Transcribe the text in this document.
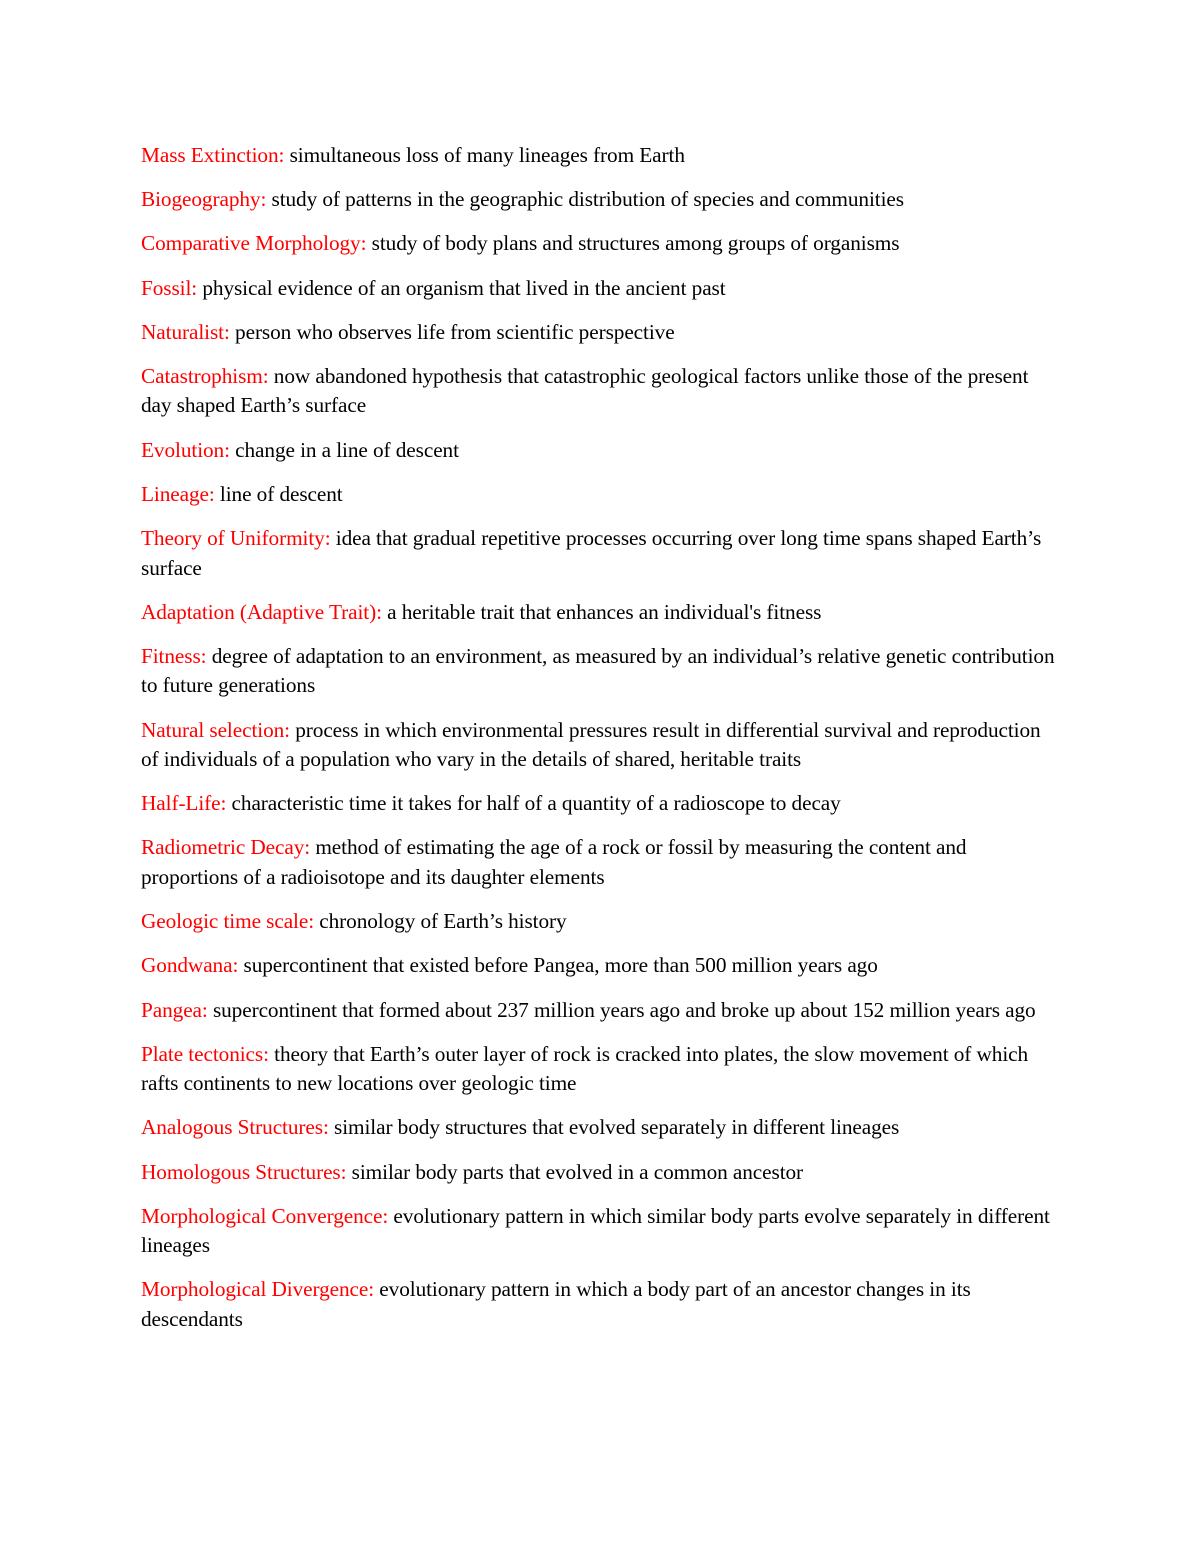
Mass Extinction: simultaneous loss of many lineages from Earth

Biogeography: study of patterns in the geographic distribution of species and communities

Comparative Morphology: study of body plans and structures among groups of organisms

Fossil: physical evidence of an organism that lived in the ancient past

Naturalist: person who observes life from scientific perspective

Catastrophism: now abandoned hypothesis that catastrophic geological factors unlike those of the present day shaped Earth’s surface

Evolution: change in a line of descent

Lineage: line of descent

Theory of Uniformity: idea that gradual repetitive processes occurring over long time spans shaped Earth’s surface

Adaptation (Adaptive Trait): a heritable trait that enhances an individual's fitness

Fitness: degree of adaptation to an environment, as measured by an individual’s relative genetic contribution to future generations

Natural selection: process in which environmental pressures result in differential survival and reproduction of individuals of a population who vary in the details of shared, heritable traits

Half-Life: characteristic time it takes for half of a quantity of a radioscope to decay

Radiometric Decay: method of estimating the age of a rock or fossil by measuring the content and proportions of a radioisotope and its daughter elements

Geologic time scale: chronology of Earth’s history

Gondwana: supercontinent that existed before Pangea, more than 500 million years ago

Pangea: supercontinent that formed about 237 million years ago and broke up about 152 million years ago

Plate tectonics: theory that Earth’s outer layer of rock is cracked into plates, the slow movement of which rafts continents to new locations over geologic time

Analogous Structures: similar body structures that evolved separately in different lineages

Homologous Structures: similar body parts that evolved in a common ancestor

Morphological Convergence: evolutionary pattern in which similar body parts evolve separately in different lineages

Morphological Divergence: evolutionary pattern in which a body part of an ancestor changes in its descendants
